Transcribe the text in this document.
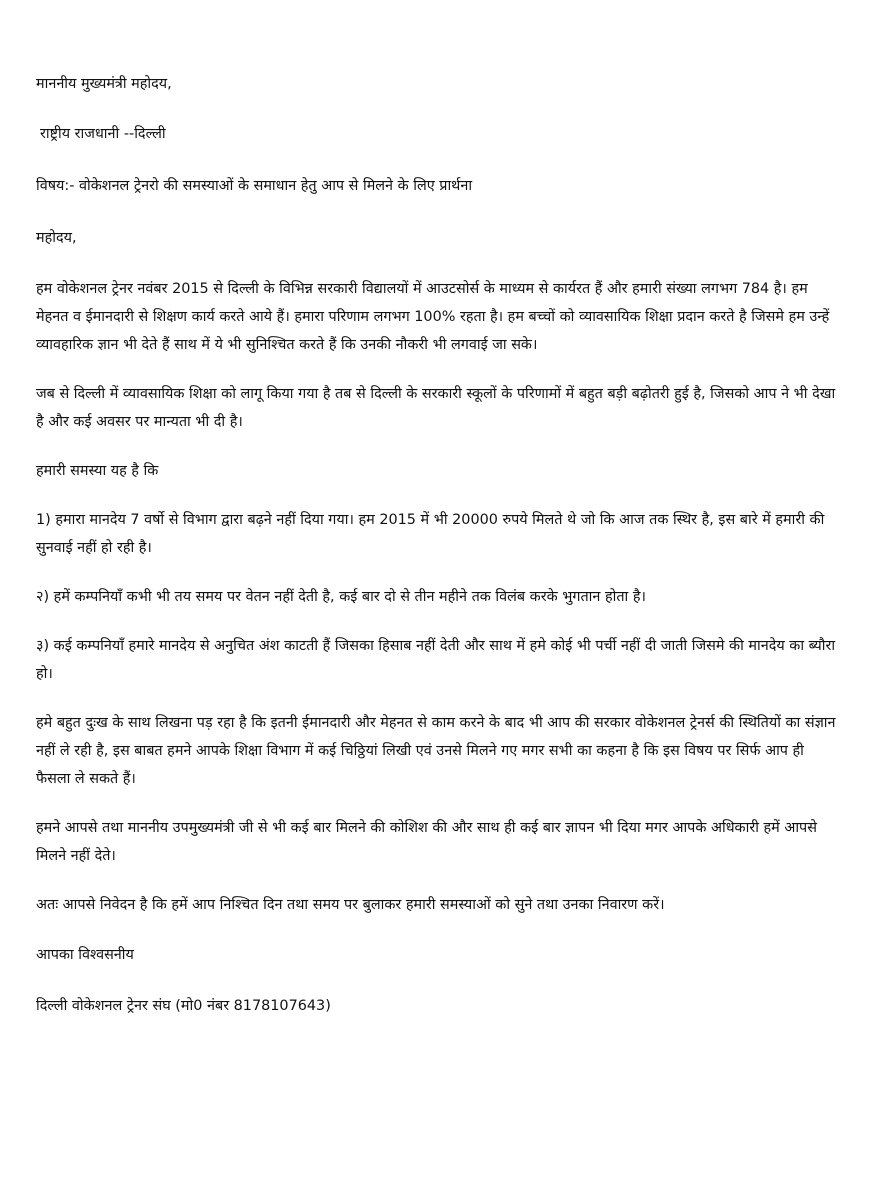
माननीय मुख्यमंत्री महोदय,

राष्ट्रीय राजधानी --दिल्ली

विषय:- वोकेशनल ट्रेनरो की समस्याओं के समाधान हेतु आप से मिलने के लिए प्रार्थना

महोदय,

हम वोकेशनल ट्रेनर नवंबर 2015 से दिल्ली के विभिन्न सरकारी विद्यालयों में आउटसोर्स के माध्यम से कार्यरत हैं और हमारी संख्या लगभग 784 है। हम मेहनत व ईमानदारी से शिक्षण कार्य करते आये हैं। हमारा परिणाम लगभग 100% रहता है। हम बच्चों को व्यावसायिक शिक्षा प्रदान करते है जिसमे हम उन्हें व्यावहारिक ज्ञान भी देते हैं साथ में ये भी सुनिश्चित करते हैं कि उनकी नौकरी भी लगवाई जा सके।

जब से दिल्ली में व्यावसायिक शिक्षा को लागू किया गया है तब से दिल्ली के सरकारी स्कूलों के परिणामों में बहुत बड़ी बढ़ोतरी हुई है, जिसको आप ने भी देखा है और कई अवसर पर मान्यता भी दी है।

हमारी समस्या यह है कि

1) हमारा मानदेय 7 वर्षो से विभाग द्वारा बढ़ने नहीं दिया गया। हम 2015 में भी 20000 रुपये मिलते थे जो कि आज तक स्थिर है, इस बारे में हमारी की सुनवाई नहीं हो रही है।

२) हमें कम्पनियाँ कभी भी तय समय पर वेतन नहीं देती है, कई बार दो से तीन महीने तक विलंब करके भुगतान होता है।

३) कई कम्पनियाँ हमारे मानदेय से अनुचित अंश काटती हैं जिसका हिसाब नहीं देती और साथ में हमे कोई भी पर्ची नहीं दी जाती जिसमे की मानदेय का ब्यौरा हो।

हमे बहुत दुःख के साथ लिखना पड़ रहा है कि इतनी ईमानदारी और मेहनत से काम करने के बाद भी आप की सरकार वोकेशनल ट्रेनर्स की स्थितियों का संज्ञान नहीं ले रही है, इस बाबत हमने आपके शिक्षा विभाग में कई चिठ्ठियां लिखी एवं उनसे मिलने गए मगर सभी का कहना है कि इस विषय पर सिर्फ आप ही फैसला ले सकते हैं।

हमने आपसे तथा माननीय उपमुख्यमंत्री जी से भी कई बार मिलने की कोशिश की और साथ ही कई बार ज्ञापन भी दिया मगर आपके अधिकारी हमें आपसे मिलने नहीं देते।

अतः आपसे निवेदन है कि हमें आप निश्चित दिन तथा समय पर बुलाकर हमारी समस्याओं को सुने तथा उनका निवारण करें।

आपका विश्वसनीय

दिल्ली वोकेशनल ट्रेनर संघ (मो0 नंबर 8178107643)
